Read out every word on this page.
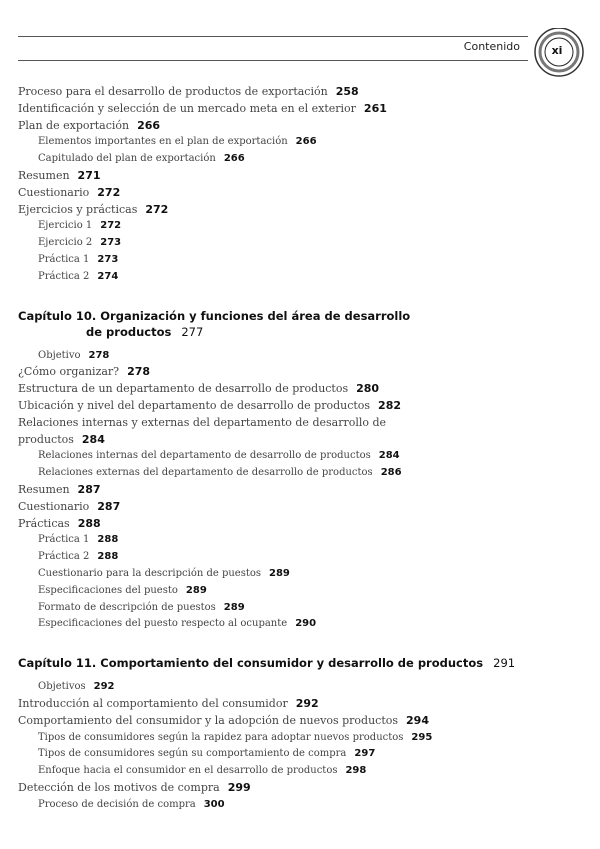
Contenido	xi
Proceso para el desarrollo de productos de exportación 258
Identificación y selección de un mercado meta en el exterior 261
Plan de exportación 266
Elementos importantes en el plan de exportación 266
Capitulado del plan de exportación 266
Resumen 271
Cuestionario 272
Ejercicios y prácticas 272
Ejercicio 1 272
Ejercicio 2 273
Práctica 1 273
Práctica 2 274
Capítulo 10. Organización y funciones del área de desarrollo
de productos 277
Objetivo 278
¿Cómo organizar? 278
Estructura de un departamento de desarrollo de productos 280
Ubicación y nivel del departamento de desarrollo de productos 282
Relaciones internas y externas del departamento de desarrollo de productos 284
Relaciones internas del departamento de desarrollo de productos 284
Relaciones externas del departamento de desarrollo de productos 286
Resumen 287
Cuestionario 287
Prácticas 288
Práctica 1 288
Práctica 2 288
Cuestionario para la descripción de puestos 289
Especificaciones del puesto 289
Formato de descripción de puestos 289
Especificaciones del puesto respecto al ocupante 290
Capítulo 11. Comportamiento del consumidor y desarrollo de productos 291
Objetivos 292
Introducción al comportamiento del consumidor 292
Comportamiento del consumidor y la adopción de nuevos productos 294
Tipos de consumidores según la rapidez para adoptar nuevos productos 295
Tipos de consumidores según su comportamiento de compra 297
Enfoque hacia el consumidor en el desarrollo de productos 298
Detección de los motivos de compra 299
Proceso de decisión de compra 300
